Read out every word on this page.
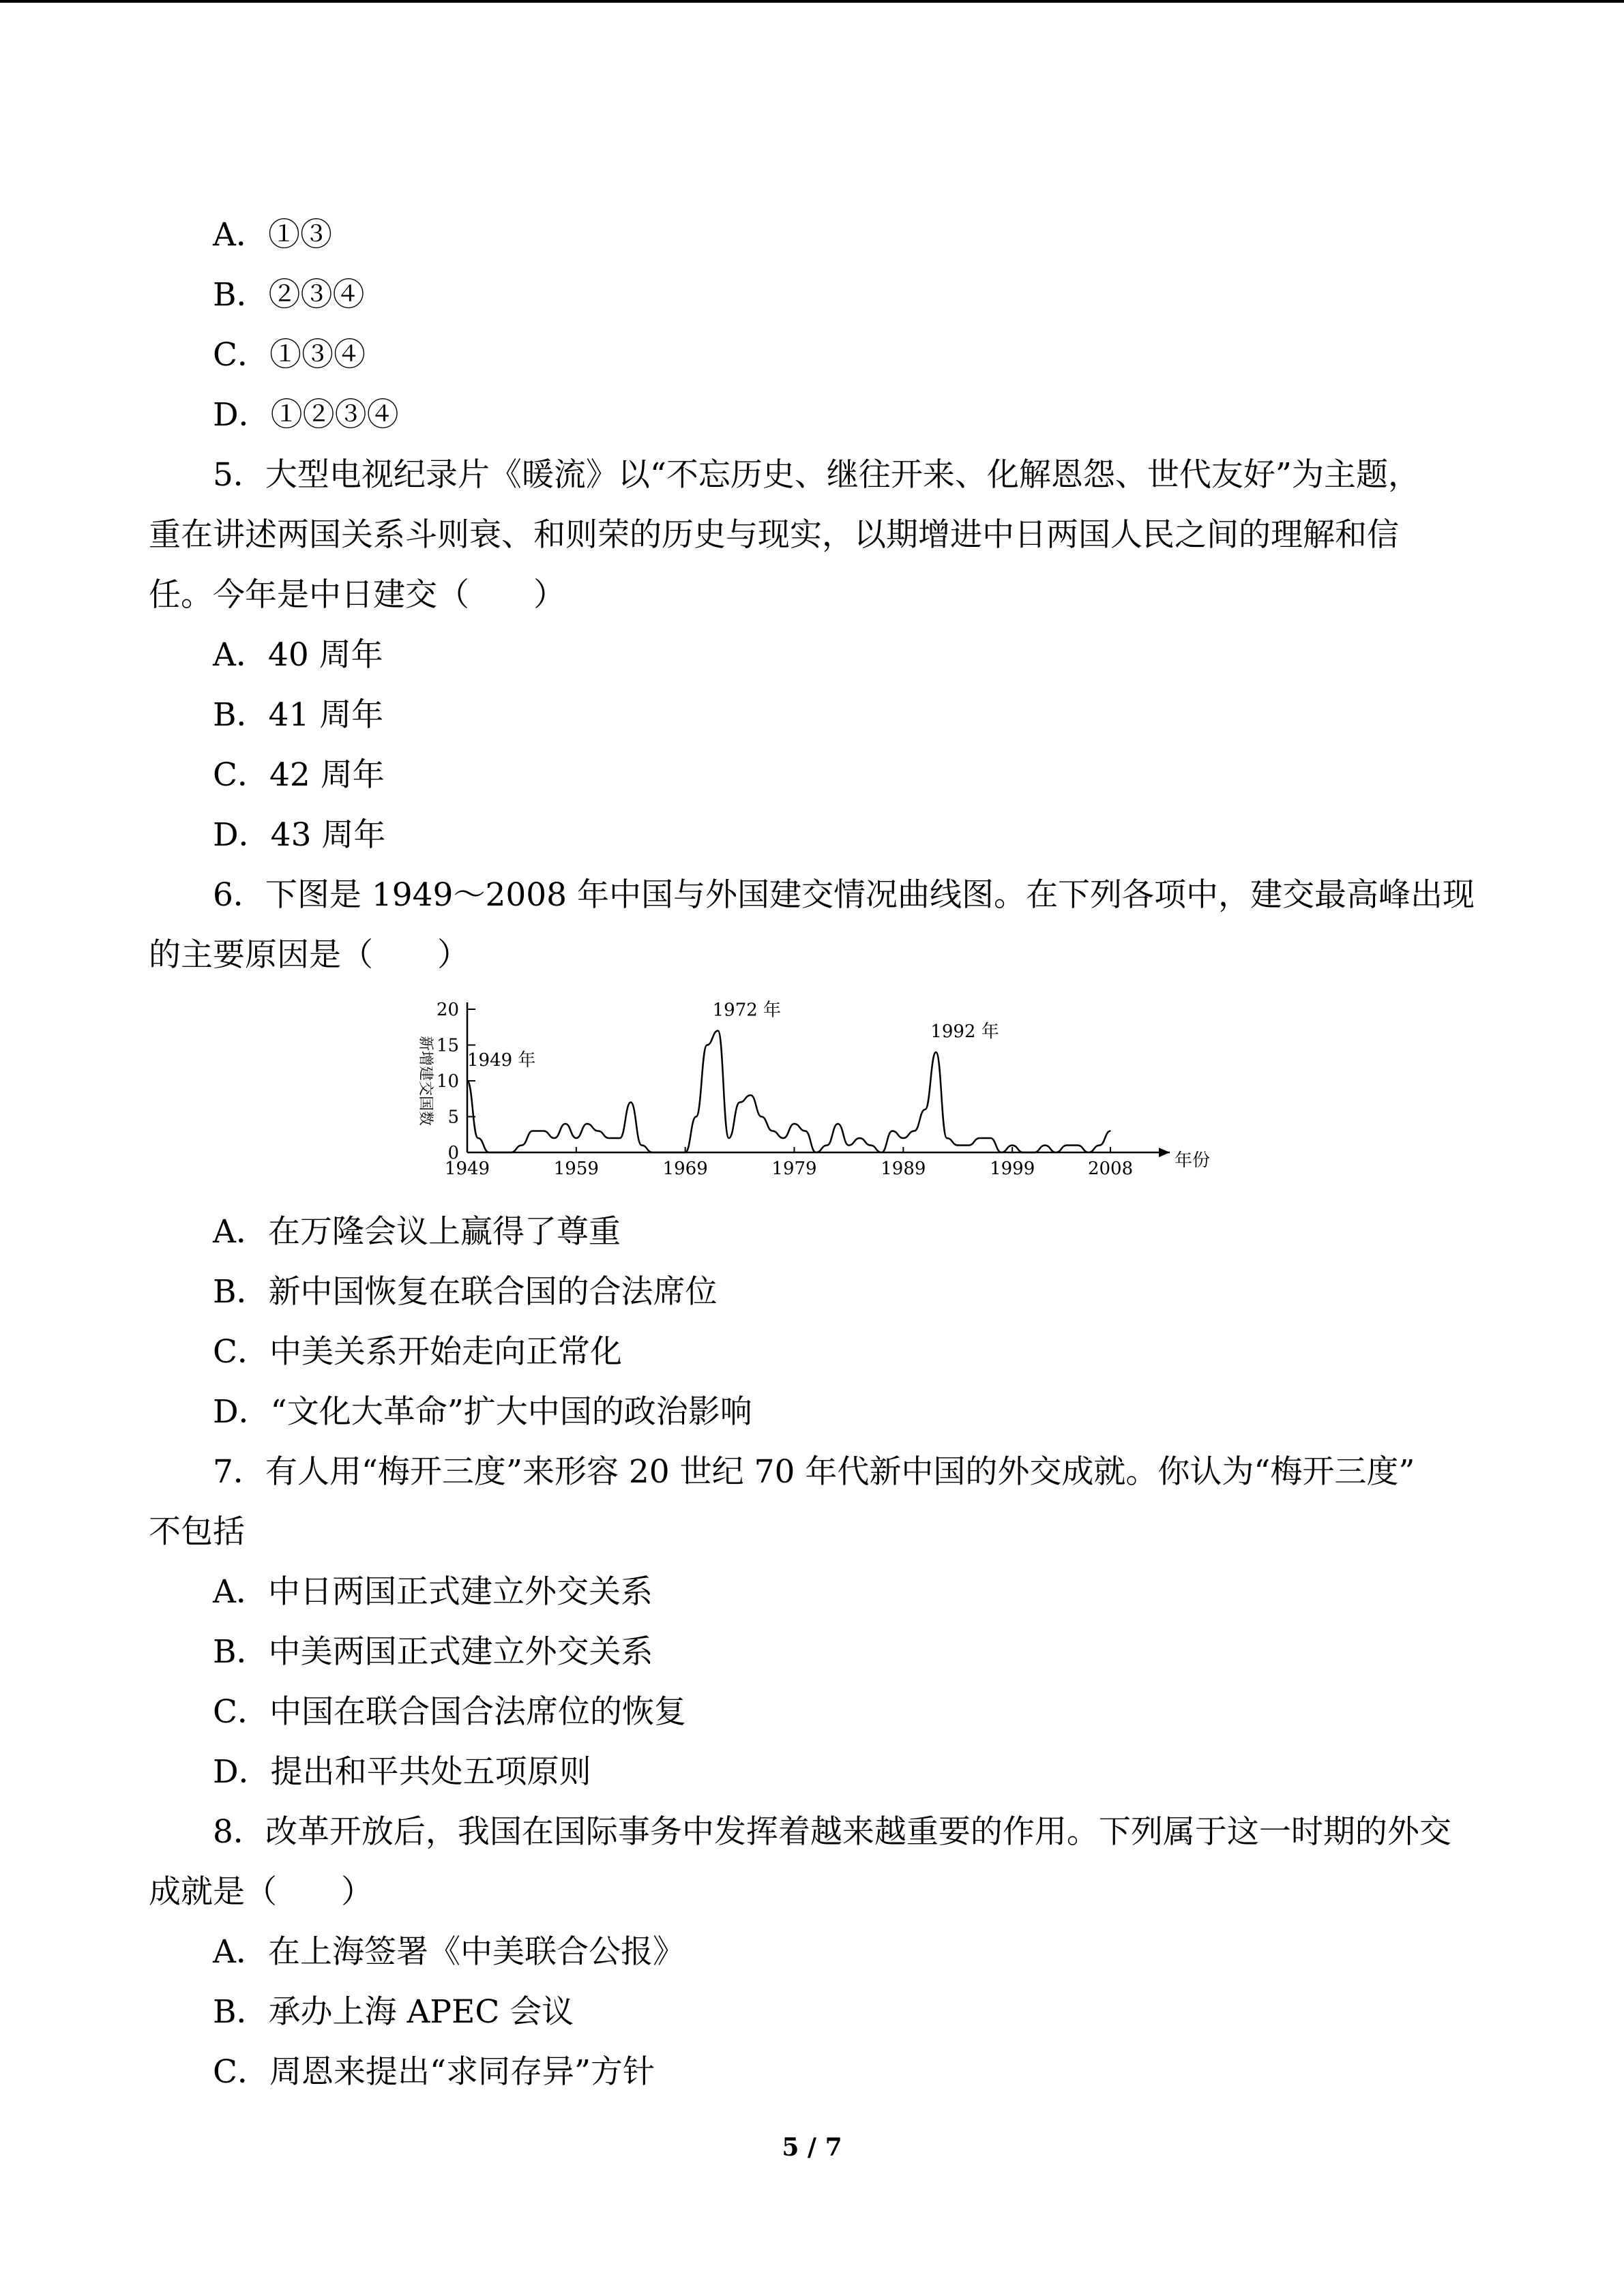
A．①③
B．②③④
C．①③④
D．①②③④
5．大型电视纪录片《暖流》以“不忘历史、继往开来、化解恩怨、世代友好”为主题，
重在讲述两国关系斗则衰、和则荣的历史与现实，以期增进中日两国人民之间的理解和信
任。今年是中日建交（　　）
A．40 周年
B．41 周年
C．42 周年
D．43 周年
6．下图是 1949～2008 年中国与外国建交情况曲线图。在下列各项中，建交最高峰出现
的主要原因是（　　）
0
5
10
15
20
1949	1959	1969	1979	1989	1999	2008 年份
新增建交国数 1949 年
1972 年
1992 年
A．在万隆会议上赢得了尊重
B．新中国恢复在联合国的合法席位
C．中美关系开始走向正常化
D．“文化大革命”扩大中国的政治影响
7．有人用“梅开三度”来形容 20 世纪 70 年代新中国的外交成就。你认为“梅开三度”
不包括
A．中日两国正式建立外交关系
B．中美两国正式建立外交关系
C．中国在联合国合法席位的恢复
D．提出和平共处五项原则
8．改革开放后，我国在国际事务中发挥着越来越重要的作用。下列属于这一时期的外交
成就是（　　）
A．在上海签署《中美联合公报》
B．承办上海 APEC 会议
C．周恩来提出“求同存异”方针
5 / 7
